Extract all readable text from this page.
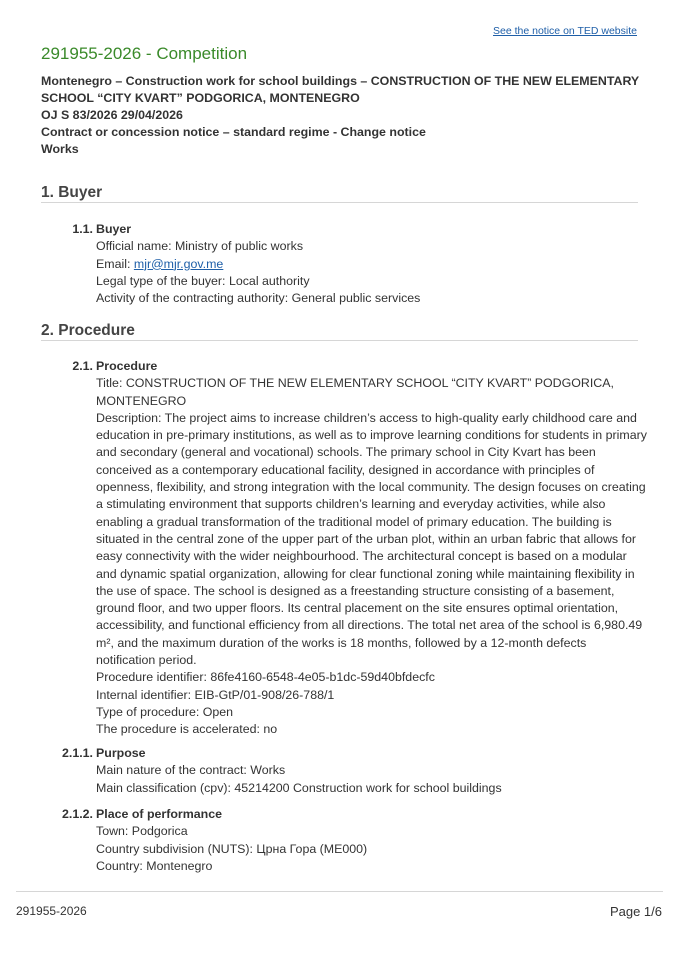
See the notice on TED website
291955-2026 - Competition
Montenegro – Construction work for school buildings – CONSTRUCTION OF THE NEW ELEMENTARY SCHOOL “CITY KVART” PODGORICA, MONTENEGRO
OJ S 83/2026 29/04/2026
Contract or concession notice – standard regime - Change notice
Works
1. Buyer
1.1. Buyer
Official name: Ministry of public works
Email: mjr@mjr.gov.me
Legal type of the buyer: Local authority
Activity of the contracting authority: General public services
2. Procedure
2.1. Procedure
Title: CONSTRUCTION OF THE NEW ELEMENTARY SCHOOL “CITY KVART” PODGORICA, MONTENEGRO
Description: The project aims to increase children’s access to high-quality early childhood care and education in pre-primary institutions, as well as to improve learning conditions for students in primary and secondary (general and vocational) schools. The primary school in City Kvart has been conceived as a contemporary educational facility, designed in accordance with principles of openness, flexibility, and strong integration with the local community. The design focuses on creating a stimulating environment that supports children’s learning and everyday activities, while also enabling a gradual transformation of the traditional model of primary education. The building is situated in the central zone of the upper part of the urban plot, within an urban fabric that allows for easy connectivity with the wider neighbourhood. The architectural concept is based on a modular and dynamic spatial organization, allowing for clear functional zoning while maintaining flexibility in the use of space. The school is designed as a freestanding structure consisting of a basement, ground floor, and two upper floors. Its central placement on the site ensures optimal orientation, accessibility, and functional efficiency from all directions. The total net area of the school is 6,980.49 m², and the maximum duration of the works is 18 months, followed by a 12-month defects notification period.
Procedure identifier: 86fe4160-6548-4e05-b1dc-59d40bfdecfc
Internal identifier: EIB-GtP/01-908/26-788/1
Type of procedure: Open
The procedure is accelerated: no
2.1.1. Purpose
Main nature of the contract: Works
Main classification (cpv): 45214200 Construction work for school buildings
2.1.2. Place of performance
Town: Podgorica
Country subdivision (NUTS): Црна Гора (ME000)
Country: Montenegro
291955-2026	Page 1/6
